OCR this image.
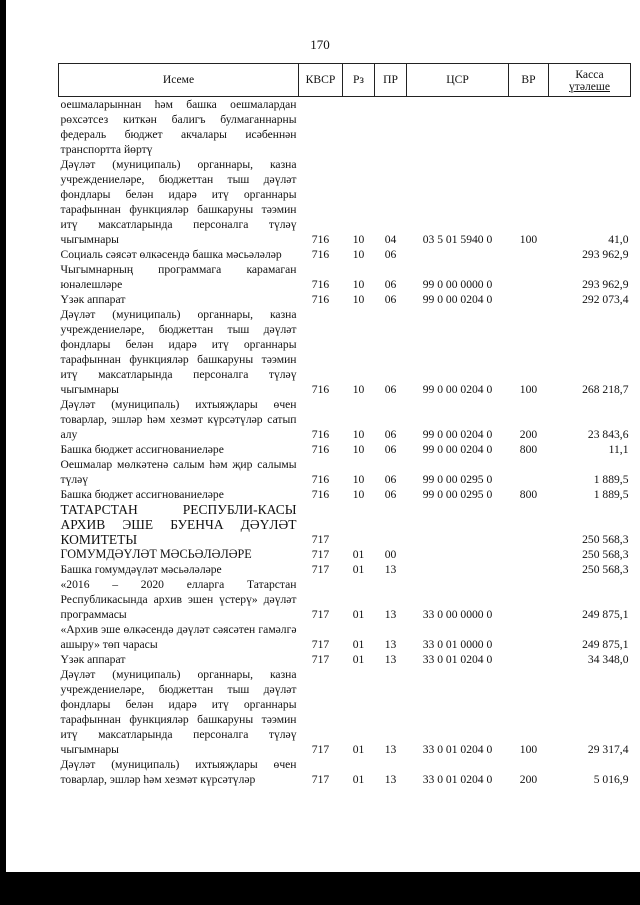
170
Исеме	КВСР	Рз	ПР	ЦСР	ВР	Касса
үтәлеше

оешмаларыннан һәм башка оешмалардан рөхсәтсез киткән балигъ булмаганнарны федераль бюджет акчалары исәбеннән транспортта йөртү						
Дәүләт (муниципаль) органнары, казна учреждениеләре, бюджеттан тыш дәүләт фондлары белән идарә итү органнары тарафыннан функцияләр башкаруны тәэмин итү максатларында персоналга түләү чыгымнары	716	10	04	03 5 01 5940 0	100	41,0
Социаль сәясәт өлкәсендә башка мәсьәләләр	716	10	06			293 962,9
Чыгымнарның программага карамаган юнәлешләре	716	10	06	99 0 00 0000 0		293 962,9
Үзәк аппарат	716	10	06	99 0 00 0204 0		292 073,4
Дәүләт (муниципаль) органнары, казна учреждениеләре, бюджеттан тыш дәүләт фондлары белән идарә итү органнары тарафыннан функцияләр башкаруны тәэмин итү максатларында персоналга түләү чыгымнары	716	10	06	99 0 00 0204 0	100	268 218,7
Дәүләт (муниципаль) ихтыяҗлары өчен товарлар, эшләр һәм хезмәт күрсәтүләр сатып алу	716	10	06	99 0 00 0204 0	200	23 843,6
Башка бюджет ассигнованиеләре	716	10	06	99 0 00 0204 0	800	11,1
Оешмалар мөлкәтенә салым һәм җир салымы түләү	716	10	06	99 0 00 0295 0		1 889,5
Башка бюджет ассигнованиеләре	716	10	06	99 0 00 0295 0	800	1 889,5
ТАТАРСТАН РЕСПУБЛИ-КАСЫ АРХИВ ЭШЕ БУЕНЧА ДӘҮЛӘТ КОМИТЕТЫ	717					250 568,3
ГОМУМДӘҮЛӘТ МӘСЬӘЛӘЛӘРЕ	717	01	00			250 568,3
Башка гомумдәүләт мәсьәләләре	717	01	13			250 568,3
«2016 – 2020 елларга Татарстан Республикасында архив эшен үстерү» дәүләт программасы	717	01	13	33 0 00 0000 0		249 875,1
«Архив эше өлкәсендә дәүләт сәясәтен гамәлгә ашыру» төп чарасы	717	01	13	33 0 01 0000 0		249 875,1
Үзәк аппарат	717	01	13	33 0 01 0204 0		34 348,0
Дәүләт (муниципаль) органнары, казна учреждениеләре, бюджеттан тыш дәүләт фондлары белән идарә итү органнары тарафыннан функцияләр башкаруны тәэмин итү максатларында персоналга түләү чыгымнары	717	01	13	33 0 01 0204 0	100	29 317,4
Дәүләт (муниципаль) ихтыяҗлары өчен товарлар, эшләр һәм хезмәт күрсәтүләр	717	01	13	33 0 01 0204 0	200	5 016,9
